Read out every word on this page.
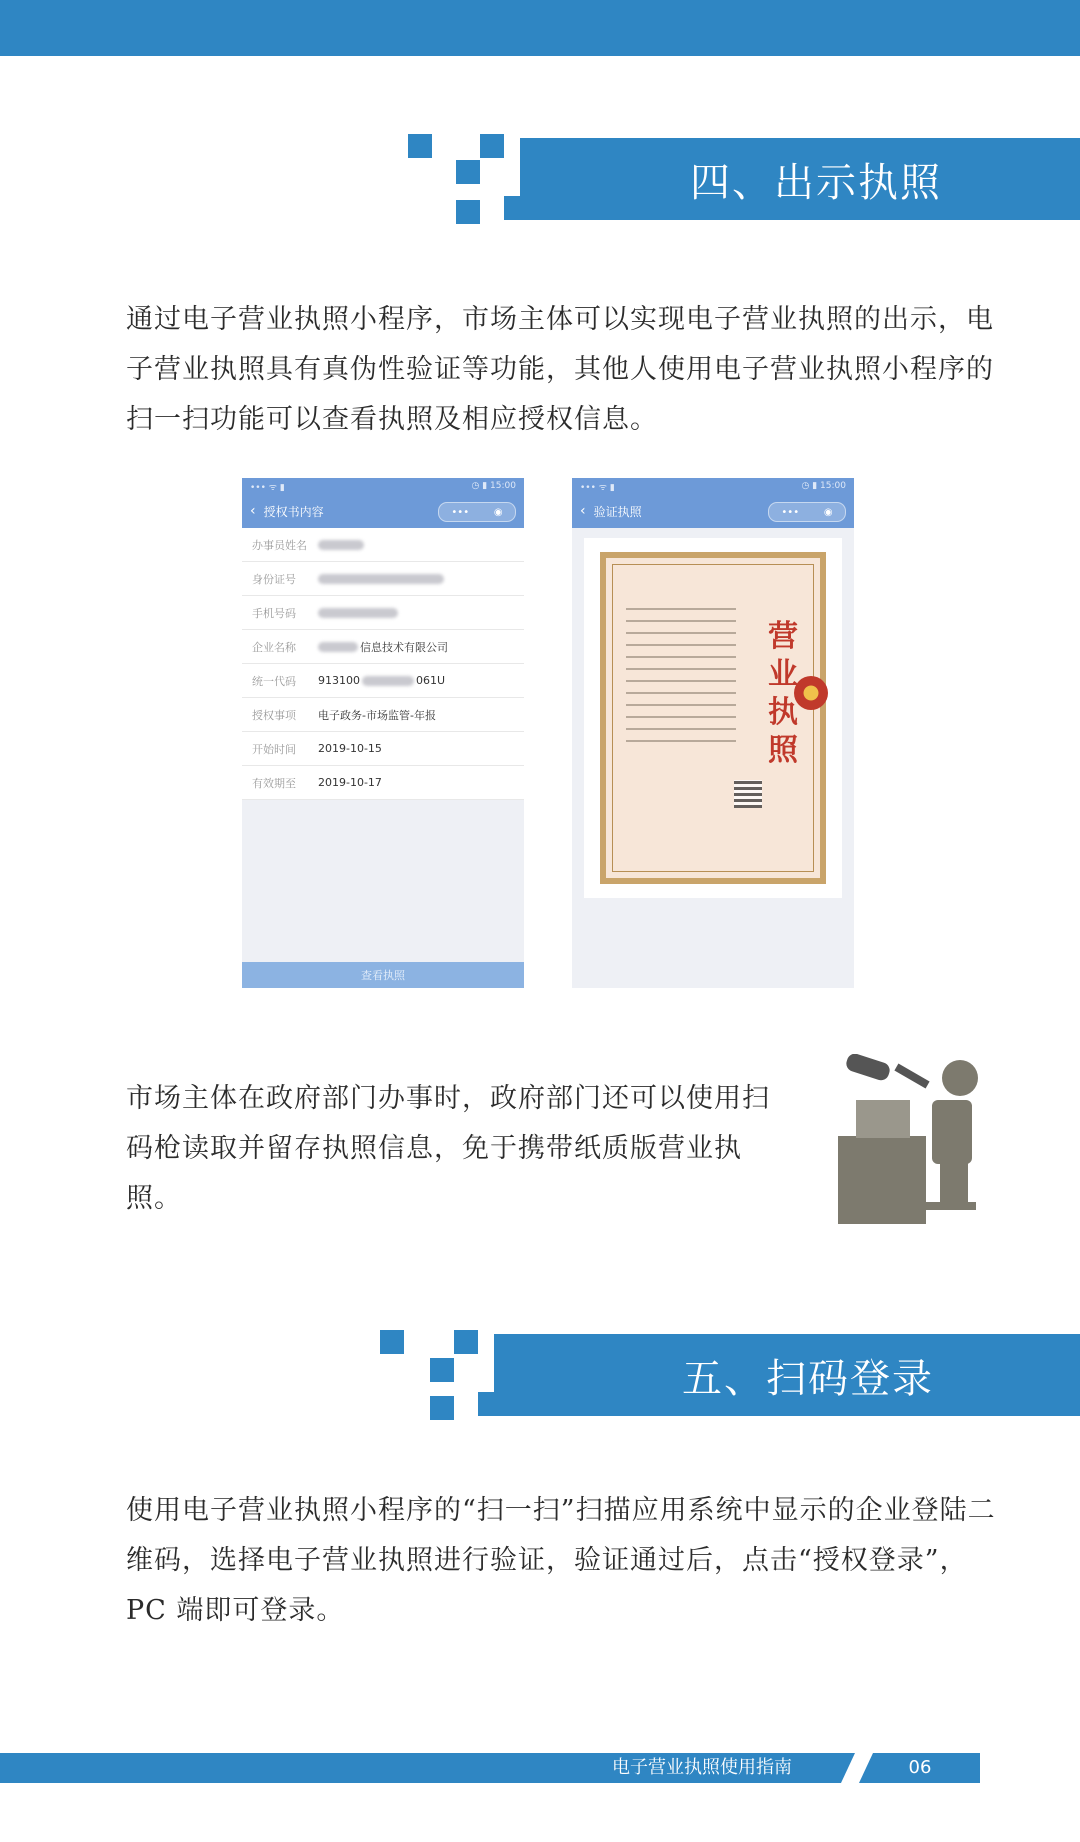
四、出示执照
通过电子营业执照小程序，市场主体可以实现电子营业执照的出示，电子营业执照具有真伪性验证等功能，其他人使用电子营业执照小程序的扫一扫功能可以查看执照及相应授权信息。
••• ᯤ ▮	◷ ▮ 15:00
‹ 授权书内容	••• ◉
办事员姓名
身份证号
手机号码
企业名称	信息技术有限公司
统一代码	913100	061U
授权事项	电子政务-市场监管-年报
开始时间	2019-10-15
有效期至	2019-10-17
查看执照
••• ᯤ ▮	◷ ▮ 15:00
‹ 验证执照	••• ◉
营业执照
市场主体在政府部门办事时，政府部门还可以使用扫码枪读取并留存执照信息，免于携带纸质版营业执照。
五、扫码登录
使用电子营业执照小程序的“扫一扫”扫描应用系统中显示的企业登陆二维码，选择电子营业执照进行验证，验证通过后，点击“授权登录”， PC 端即可登录。
电子营业执照使用指南	06
